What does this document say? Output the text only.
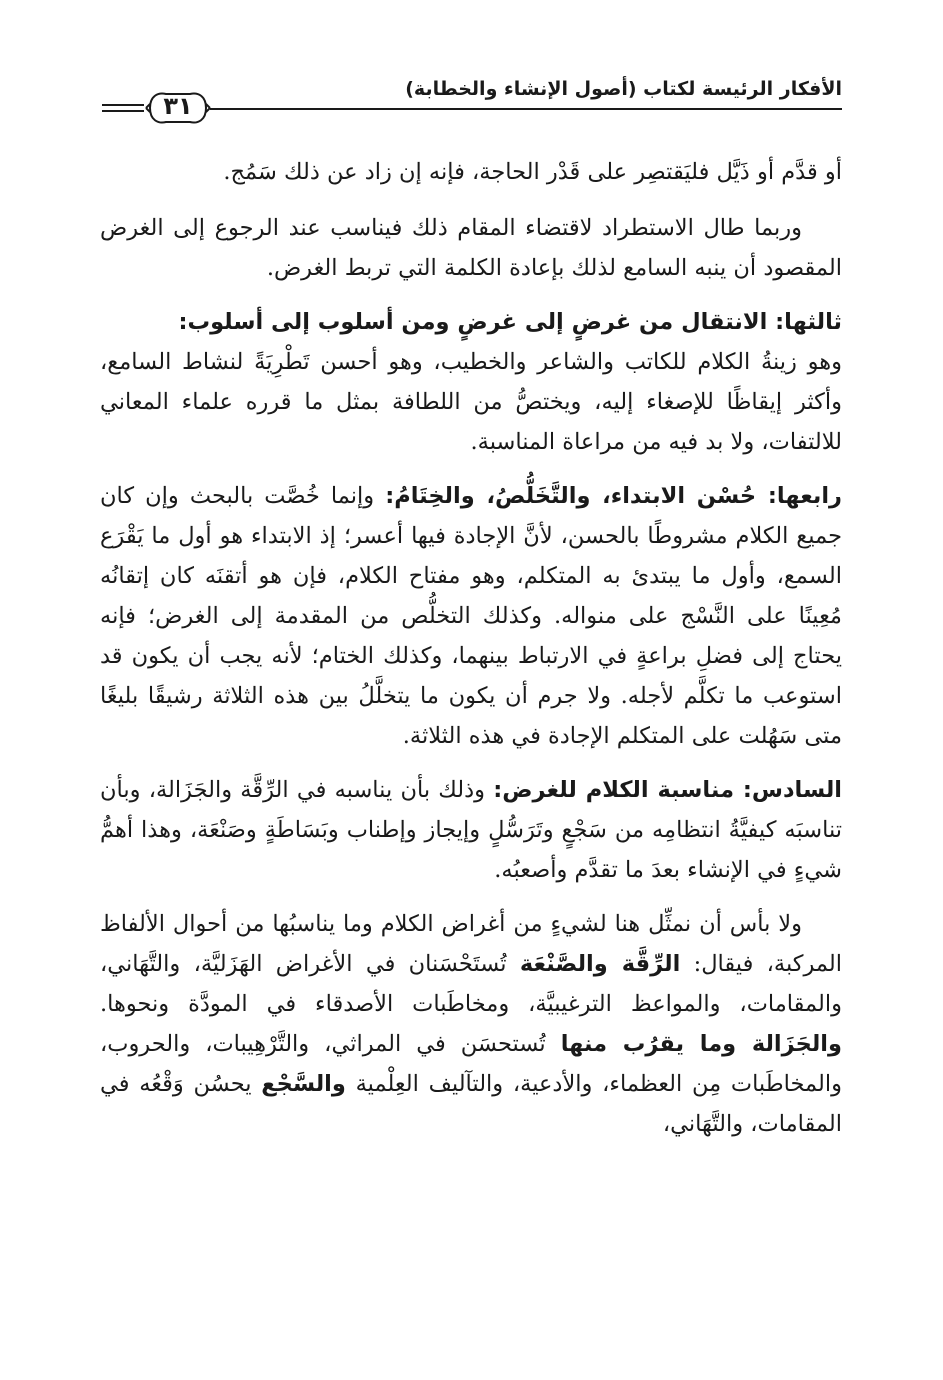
الأفكار الرئيسة لكتاب (أصول الإنشاء والخطابة)
٣١

أو قدَّم أو ذَيَّل فليَقتصِر على قَدْر الحاجة، فإنه إن زاد عن ذلك سَمُج.

وربما طال الاستطراد لاقتضاء المقام ذلك فيناسب عند الرجوع إلى الغرض المقصود أن ينبه السامع لذلك بإعادة الكلمة التي تربط الغرض.

ثالثها: الانتقال من غرضٍ إلى غرضٍ ومن أسلوب إلى أسلوب:
وهو زينةُ الكلام للكاتب والشاعر والخطيب، وهو أحسن تَطْرِيَةً لنشاط السامع، وأكثر إيقاظًا للإصغاء إليه، ويختصُّ من اللطافة بمثل ما قرره علماء المعاني للالتفات، ولا بد فيه من مراعاة المناسبة.

رابعها: حُسْن الابتداء، والتَّخَلُّصُ، والخِتَامُ: وإنما خُصَّت بالبحث وإن كان جميع الكلام مشروطًا بالحسن، لأنَّ الإجادة فيها أعسر؛ إذ الابتداء هو أول ما يَقْرَع السمع، وأول ما يبتدئ به المتكلم، وهو مفتاح الكلام، فإن هو أتقنَه كان إتقانُه مُعِينًا على النَّسْج على منواله. وكذلك التخلُّص من المقدمة إلى الغرض؛ فإنه يحتاج إلى فضلِ براعةٍ في الارتباط بينهما، وكذلك الختام؛ لأنه يجب أن يكون قد استوعب ما تكلَّم لأجله. ولا جرم أن يكون ما يتخلَّلُ بين هذه الثلاثة رشيقًا بليغًا متى سَهُلت على المتكلم الإجادة في هذه الثلاثة.

السادس: مناسبة الكلام للغرض: وذلك بأن يناسبه في الرِّقَّة والجَزَالة، وبأن تناسبَه كيفيَّةُ انتظامِه من سَجْعٍ وتَرَسُّلٍ وإيجاز وإطناب وبَسَاطَةٍ وصَنْعَة، وهذا أهمُّ شيءٍ في الإنشاء بعدَ ما تقدَّم وأصعبُه.

ولا بأس أن نمثِّل هنا لشيءٍ من أغراض الكلام وما يناسبُها من أحوال الألفاظ المركبة، فيقال: الرِّقَّة والصَّنْعَة تُستَحْسَنان في الأغراض الهَزَليَّة، والتَّهَاني، والمقامات، والمواعظ الترغيبيَّة، ومخاطَبات الأصدقاء في المودَّة ونحوها. والجَزَالة وما يقرُب منها تُستحسَن في المراثي، والتَّرْهِيبات، والحروب، والمخاطَبات مِن العظماء، والأدعية، والتآليف العِلْمية والسَّجْع يحسُن وَقْعُه في المقامات، والتَّهَاني،
